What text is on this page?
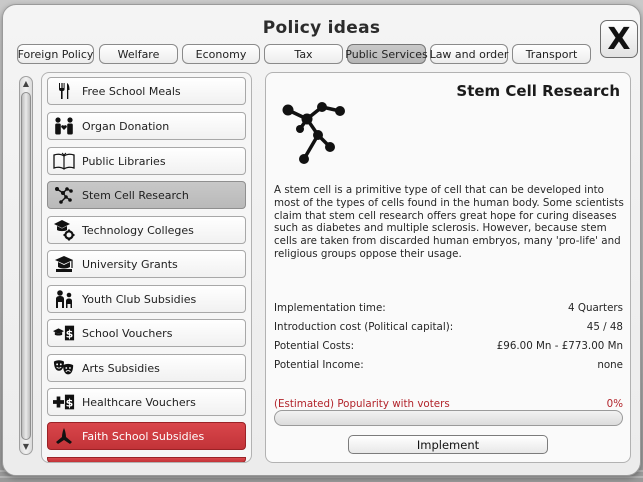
Policy ideas	X
Foreign Policy	Welfare	Economy	Tax	Public Services Law and order	Transport
▲
▼
Free School Meals
Organ Donation
Public Libraries
Stem Cell Research
Technology Colleges
University Grants
Youth Club Subsidies
$ School Vouchers
Arts Subsidies
$ Healthcare Vouchers
Faith School Subsidies
Stem Cell Research
A stem cell is a primitive type of cell that can be developed into most of the types of cells found in the human body. Some scientists claim that stem cell research offers great hope for curing diseases such as diabetes and multiple sclerosis. However, because stem cells are taken from discarded human embryos, many 'pro-life' and religious groups oppose their usage.
Implementation time:	4 Quarters
Introduction cost (Political capital):	45 / 48
Potential Costs:	£96.00 Mn - £773.00 Mn
Potential Income:	none
(Estimated) Popularity with voters	0%
Implement
